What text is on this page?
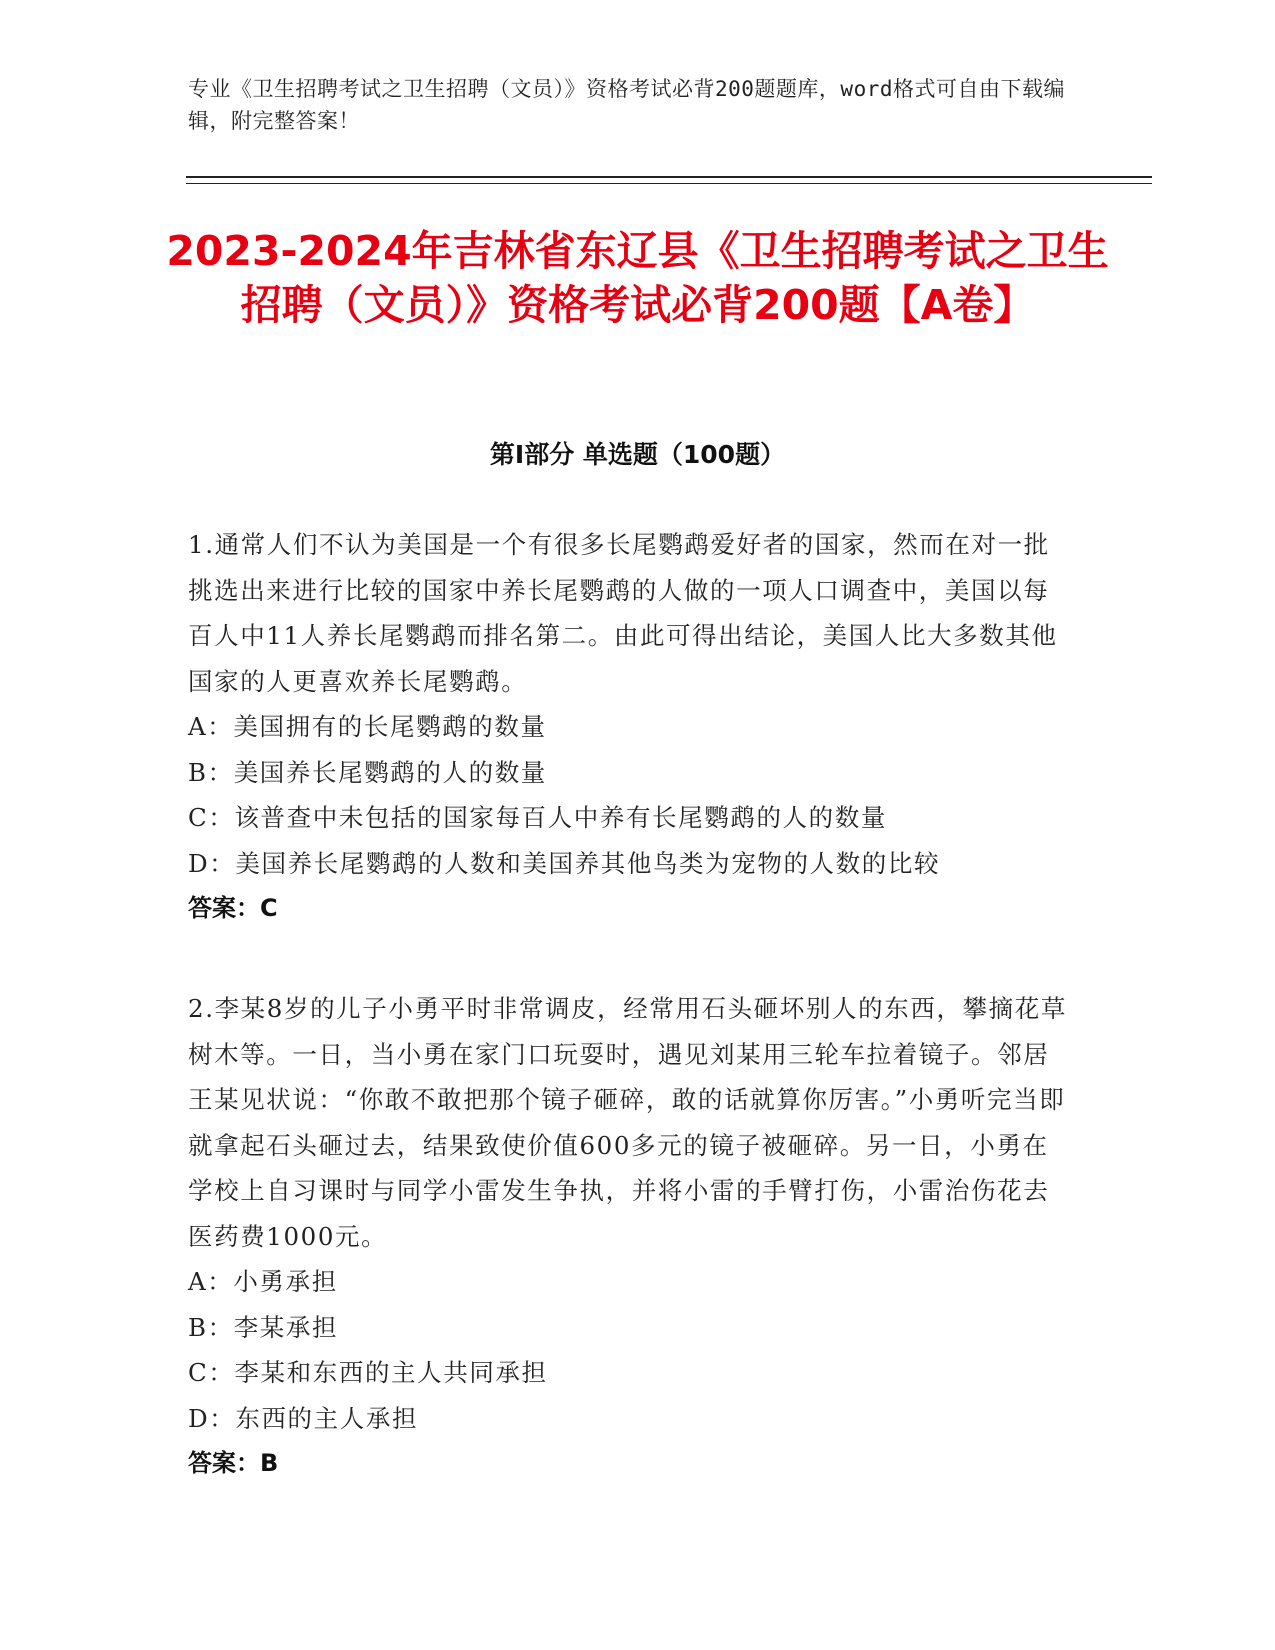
专业《卫生招聘考试之卫生招聘（文员）》资格考试必背200题题库，word格式可自由下载编辑，附完整答案！
2023-2024年吉林省东辽县《卫生招聘考试之卫生招聘（文员）》资格考试必背200题【A卷】
第Ⅰ部分 单选题（100题）

1.通常人们不认为美国是一个有很多长尾鹦鹉爱好者的国家，然而在对一批挑选出来进行比较的国家中养长尾鹦鹉的人做的一项人口调查中，美国以每百人中11人养长尾鹦鹉而排名第二。由此可得出结论，美国人比大多数其他国家的人更喜欢养长尾鹦鹉。

A：美国拥有的长尾鹦鹉的数量

B：美国养长尾鹦鹉的人的数量

C：该普查中未包括的国家每百人中养有长尾鹦鹉的人的数量

D：美国养长尾鹦鹉的人数和美国养其他鸟类为宠物的人数的比较

答案：C

2.李某8岁的儿子小勇平时非常调皮，经常用石头砸坏别人的东西，攀摘花草树木等。一日，当小勇在家门口玩耍时，遇见刘某用三轮车拉着镜子。邻居王某见状说：“你敢不敢把那个镜子砸碎，敢的话就算你厉害。”小勇听完当即就拿起石头砸过去，结果致使价值600多元的镜子被砸碎。另一日，小勇在学校上自习课时与同学小雷发生争执，并将小雷的手臂打伤，小雷治伤花去医药费1000元。

A：小勇承担

B：李某承担

C：李某和东西的主人共同承担

D：东西的主人承担

答案：B
